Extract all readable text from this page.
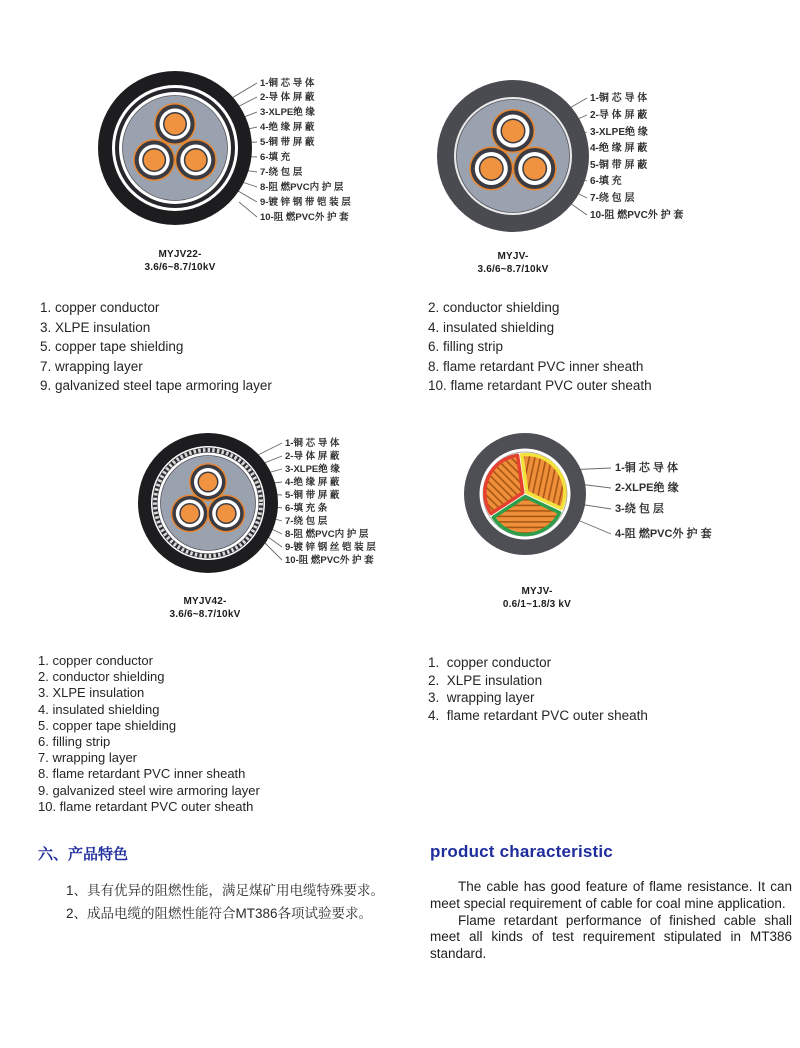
1-铜 芯 导 体
2-导 体 屏 蔽
3-XLPE绝 缘
4-绝 缘 屏 蔽
5-铜 带 屏 蔽
6-填 充
7-绕 包 层
8-阻 燃PVC内 护 层
9-镀 锌 钢 带 铠 装 层
10-阻 燃PVC外 护 套
MYJV22-
3.6/6~8.7/10kV
1-铜 芯 导 体
2-导 体 屏 蔽
3-XLPE绝 缘
4-绝 缘 屏 蔽
5-铜 带 屏 蔽
6-填 充
7-绕 包 层
10-阻 燃PVC外 护 套
MYJV-
3.6/6~8.7/10kV
1. copper conductor
3. XLPE insulation
5. copper tape shielding
7. wrapping layer
9. galvanized steel tape armoring layer
2. conductor shielding
4. insulated shielding
6. filling strip
8. flame retardant PVC inner sheath
10. flame retardant PVC outer sheath
1-铜 芯 导 体
2-导 体 屏 蔽
3-XLPE绝 缘
4-绝 缘 屏 蔽
5-铜 带 屏 蔽
6-填 充 条
7-绕 包 层
8-阻 燃PVC内 护 层
9-镀 锌 钢 丝 铠 装 层
10-阻 燃PVC外 护 套
MYJV42-
3.6/6~8.7/10kV
1-铜 芯 导 体
2-XLPE绝 缘
3-绕 包 层
4-阻 燃PVC外 护 套
MYJV-
0.6/1~1.8/3 kV
1. copper conductor
2. conductor shielding
3. XLPE insulation
4. insulated shielding
5. copper tape shielding
6. filling strip
7. wrapping layer
8. flame retardant PVC inner sheath
9. galvanized steel wire armoring layer
10. flame retardant PVC outer sheath
1.  copper conductor
2.  XLPE insulation
3.  wrapping layer
4.  flame retardant PVC outer sheath
六、产品特色
1、具有优异的阻燃性能，满足煤矿用电缆特殊要求。
2、成品电缆的阻燃性能符合MT386各项试验要求。
product characteristic

The cable has good feature of flame resistance. It can meet special requirement of cable for coal mine application.

Flame retardant performance of finished cable shall meet all kinds of test requirement stipulated in MT386 standard.
